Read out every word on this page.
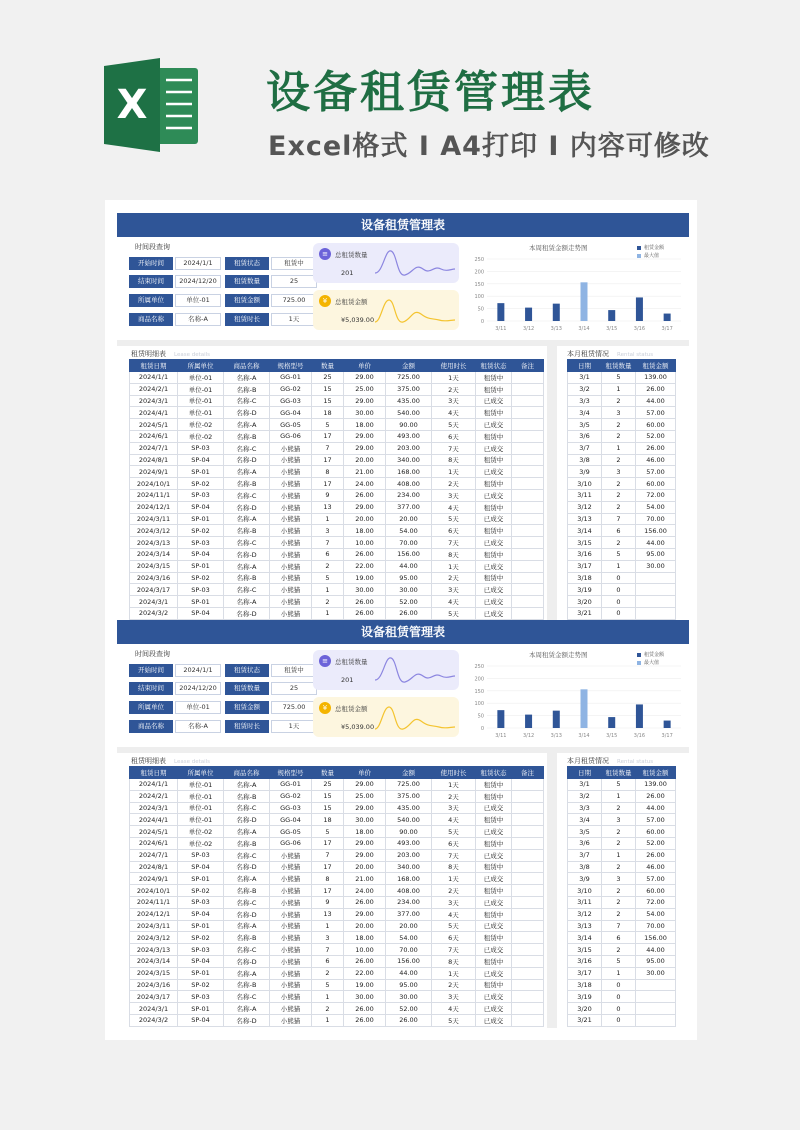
X	设备租赁管理表
Excel格式 I A4打印 I 内容可修改
设备租赁管理表
时间段查询
开始时间	2024/1/1	租赁状态	租赁中
结束时间	2024/12/20	租赁数量	25
所属单位	单位-01	租赁金额	725.00
商品名称	名称-A	租赁时长	1天
≡	总租赁数量
201
¥	总租赁金额
¥5,039.00
本周租赁金额走势图	租赁金额
最大值
0
50
100
150
200
250
3/11	3/12	3/13	3/14	3/15	3/16	3/17
租赁明细表 Lease details
租赁日期	所属单位	商品名称	规格型号	数量	单价	金额	使用时长	租赁状态	备注
2024/1/1	单位-01	名称-A	GG-01	25	29.00	725.00	1天	租赁中	
2024/2/1	单位-01	名称-B	GG-02	15	25.00	375.00	2天	租赁中	
2024/3/1	单位-01	名称-C	GG-03	15	29.00	435.00	3天	已成交	
2024/4/1	单位-01	名称-D	GG-04	18	30.00	540.00	4天	租赁中	
2024/5/1	单位-02	名称-A	GG-05	5	18.00	90.00	5天	已成交	
2024/6/1	单位-02	名称-B	GG-06	17	29.00	493.00	6天	租赁中	
2024/7/1	SP-03	名称-C	小熊猫	7	29.00	203.00	7天	已成交	
2024/8/1	SP-04	名称-D	小熊猫	17	20.00	340.00	8天	租赁中	
2024/9/1	SP-01	名称-A	小熊猫	8	21.00	168.00	1天	已成交	
2024/10/1	SP-02	名称-B	小熊猫	17	24.00	408.00	2天	租赁中	
2024/11/1	SP-03	名称-C	小熊猫	9	26.00	234.00	3天	已成交	
2024/12/1	SP-04	名称-D	小熊猫	13	29.00	377.00	4天	租赁中	
2024/3/11	SP-01	名称-A	小熊猫	1	20.00	20.00	5天	已成交	
2024/3/12	SP-02	名称-B	小熊猫	3	18.00	54.00	6天	租赁中	
2024/3/13	SP-03	名称-C	小熊猫	7	10.00	70.00	7天	已成交	
2024/3/14	SP-04	名称-D	小熊猫	6	26.00	156.00	8天	租赁中	
2024/3/15	SP-01	名称-A	小熊猫	2	22.00	44.00	1天	已成交	
2024/3/16	SP-02	名称-B	小熊猫	5	19.00	95.00	2天	租赁中	
2024/3/17	SP-03	名称-C	小熊猫	1	30.00	30.00	3天	已成交	
2024/3/1	SP-01	名称-A	小熊猫	2	26.00	52.00	4天	已成交	
2024/3/2	SP-04	名称-D	小熊猫	1	26.00	26.00	5天	已成交	
本月租赁情况 Rental status
日期	租赁数量	租赁金额
3/1	5	139.00
3/2	1	26.00
3/3	2	44.00
3/4	3	57.00
3/5	2	60.00
3/6	2	52.00
3/7	1	26.00
3/8	2	46.00
3/9	3	57.00
3/10	2	60.00
3/11	2	72.00
3/12	2	54.00
3/13	7	70.00
3/14	6	156.00
3/15	2	44.00
3/16	5	95.00
3/17	1	30.00
3/18	0	
3/19	0	
3/20	0	
3/21	0	
设备租赁管理表
时间段查询
开始时间	2024/1/1	租赁状态	租赁中
结束时间	2024/12/20	租赁数量	25
所属单位	单位-01	租赁金额	725.00
商品名称	名称-A	租赁时长	1天
≡	总租赁数量
201
¥	总租赁金额
¥5,039.00
本周租赁金额走势图	租赁金额
最大值
0
50
100
150
200
250
3/11	3/12	3/13	3/14	3/15	3/16	3/17
租赁明细表 Lease details
租赁日期	所属单位	商品名称	规格型号	数量	单价	金额	使用时长	租赁状态	备注
2024/1/1	单位-01	名称-A	GG-01	25	29.00	725.00	1天	租赁中	
2024/2/1	单位-01	名称-B	GG-02	15	25.00	375.00	2天	租赁中	
2024/3/1	单位-01	名称-C	GG-03	15	29.00	435.00	3天	已成交	
2024/4/1	单位-01	名称-D	GG-04	18	30.00	540.00	4天	租赁中	
2024/5/1	单位-02	名称-A	GG-05	5	18.00	90.00	5天	已成交	
2024/6/1	单位-02	名称-B	GG-06	17	29.00	493.00	6天	租赁中	
2024/7/1	SP-03	名称-C	小熊猫	7	29.00	203.00	7天	已成交	
2024/8/1	SP-04	名称-D	小熊猫	17	20.00	340.00	8天	租赁中	
2024/9/1	SP-01	名称-A	小熊猫	8	21.00	168.00	1天	已成交	
2024/10/1	SP-02	名称-B	小熊猫	17	24.00	408.00	2天	租赁中	
2024/11/1	SP-03	名称-C	小熊猫	9	26.00	234.00	3天	已成交	
2024/12/1	SP-04	名称-D	小熊猫	13	29.00	377.00	4天	租赁中	
2024/3/11	SP-01	名称-A	小熊猫	1	20.00	20.00	5天	已成交	
2024/3/12	SP-02	名称-B	小熊猫	3	18.00	54.00	6天	租赁中	
2024/3/13	SP-03	名称-C	小熊猫	7	10.00	70.00	7天	已成交	
2024/3/14	SP-04	名称-D	小熊猫	6	26.00	156.00	8天	租赁中	
2024/3/15	SP-01	名称-A	小熊猫	2	22.00	44.00	1天	已成交	
2024/3/16	SP-02	名称-B	小熊猫	5	19.00	95.00	2天	租赁中	
2024/3/17	SP-03	名称-C	小熊猫	1	30.00	30.00	3天	已成交	
2024/3/1	SP-01	名称-A	小熊猫	2	26.00	52.00	4天	已成交	
2024/3/2	SP-04	名称-D	小熊猫	1	26.00	26.00	5天	已成交	
本月租赁情况 Rental status
日期	租赁数量	租赁金额
3/1	5	139.00
3/2	1	26.00
3/3	2	44.00
3/4	3	57.00
3/5	2	60.00
3/6	2	52.00
3/7	1	26.00
3/8	2	46.00
3/9	3	57.00
3/10	2	60.00
3/11	2	72.00
3/12	2	54.00
3/13	7	70.00
3/14	6	156.00
3/15	2	44.00
3/16	5	95.00
3/17	1	30.00
3/18	0	
3/19	0	
3/20	0	
3/21	0	
